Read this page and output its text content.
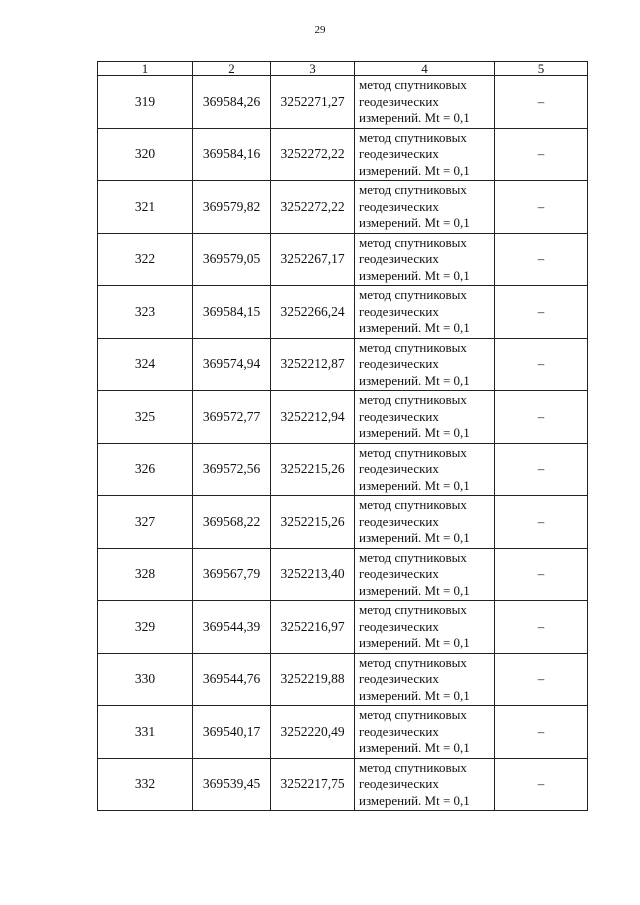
29
1	2	3	4	5
319	369584,26	3252271,27	метод спутниковых
геодезических
измерений. Mt = 0,1	–
320	369584,16	3252272,22	метод спутниковых
геодезических
измерений. Mt = 0,1	–
321	369579,82	3252272,22	метод спутниковых
геодезических
измерений. Mt = 0,1	–
322	369579,05	3252267,17	метод спутниковых
геодезических
измерений. Mt = 0,1	–
323	369584,15	3252266,24	метод спутниковых
геодезических
измерений. Mt = 0,1	–
324	369574,94	3252212,87	метод спутниковых
геодезических
измерений. Mt = 0,1	–
325	369572,77	3252212,94	метод спутниковых
геодезических
измерений. Mt = 0,1	–
326	369572,56	3252215,26	метод спутниковых
геодезических
измерений. Mt = 0,1	–
327	369568,22	3252215,26	метод спутниковых
геодезических
измерений. Mt = 0,1	–
328	369567,79	3252213,40	метод спутниковых
геодезических
измерений. Mt = 0,1	–
329	369544,39	3252216,97	метод спутниковых
геодезических
измерений. Mt = 0,1	–
330	369544,76	3252219,88	метод спутниковых
геодезических
измерений. Mt = 0,1	–
331	369540,17	3252220,49	метод спутниковых
геодезических
измерений. Mt = 0,1	–
332	369539,45	3252217,75	метод спутниковых
геодезических
измерений. Mt = 0,1	–
